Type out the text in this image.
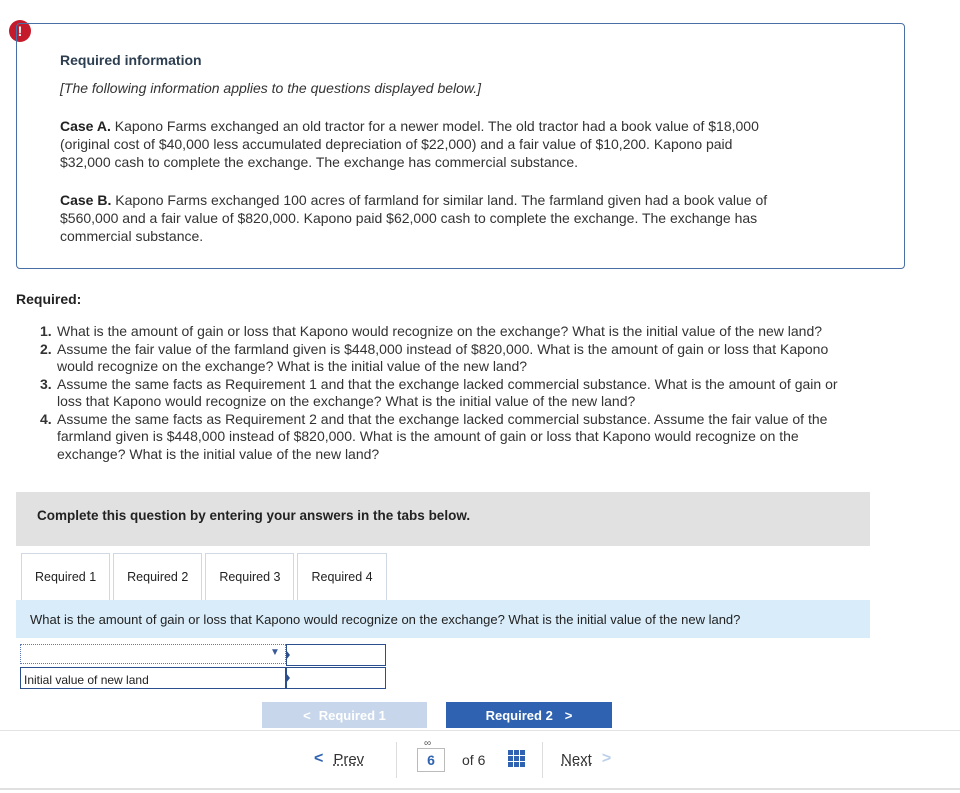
!
Required information
[The following information applies to the questions displayed below.]
Case A. Kapono Farms exchanged an old tractor for a newer model. The old tractor had a book value of $18,000
(original cost of $40,000 less accumulated depreciation of $22,000) and a fair value of $10,200. Kapono paid
$32,000 cash to complete the exchange. The exchange has commercial substance.
Case B. Kapono Farms exchanged 100 acres of farmland for similar land. The farmland given had a book value of
$560,000 and a fair value of $820,000. Kapono paid $62,000 cash to complete the exchange. The exchange has
commercial substance.
Required:
1. What is the amount of gain or loss that Kapono would recognize on the exchange? What is the initial value of the new land?
2. Assume the fair value of the farmland given is $448,000 instead of $820,000. What is the amount of gain or loss that Kapono
would recognize on the exchange? What is the initial value of the new land?
3. Assume the same facts as Requirement 1 and that the exchange lacked commercial substance. What is the amount of gain or
loss that Kapono would recognize on the exchange? What is the initial value of the new land?
4. Assume the same facts as Requirement 2 and that the exchange lacked commercial substance. Assume the fair value of the
farmland given is $448,000 instead of $820,000. What is the amount of gain or loss that Kapono would recognize on the
exchange? What is the initial value of the new land?
Complete this question by entering your answers in the tabs below.
Required 1	Required 2	Required 3	Required 4
What is the amount of gain or loss that Kapono would recognize on the exchange? What is the initial value of the new land?
▼
Initial value of new land
< Required 1	Required 2 >
< Prev
∞
6	of 6	Next >
